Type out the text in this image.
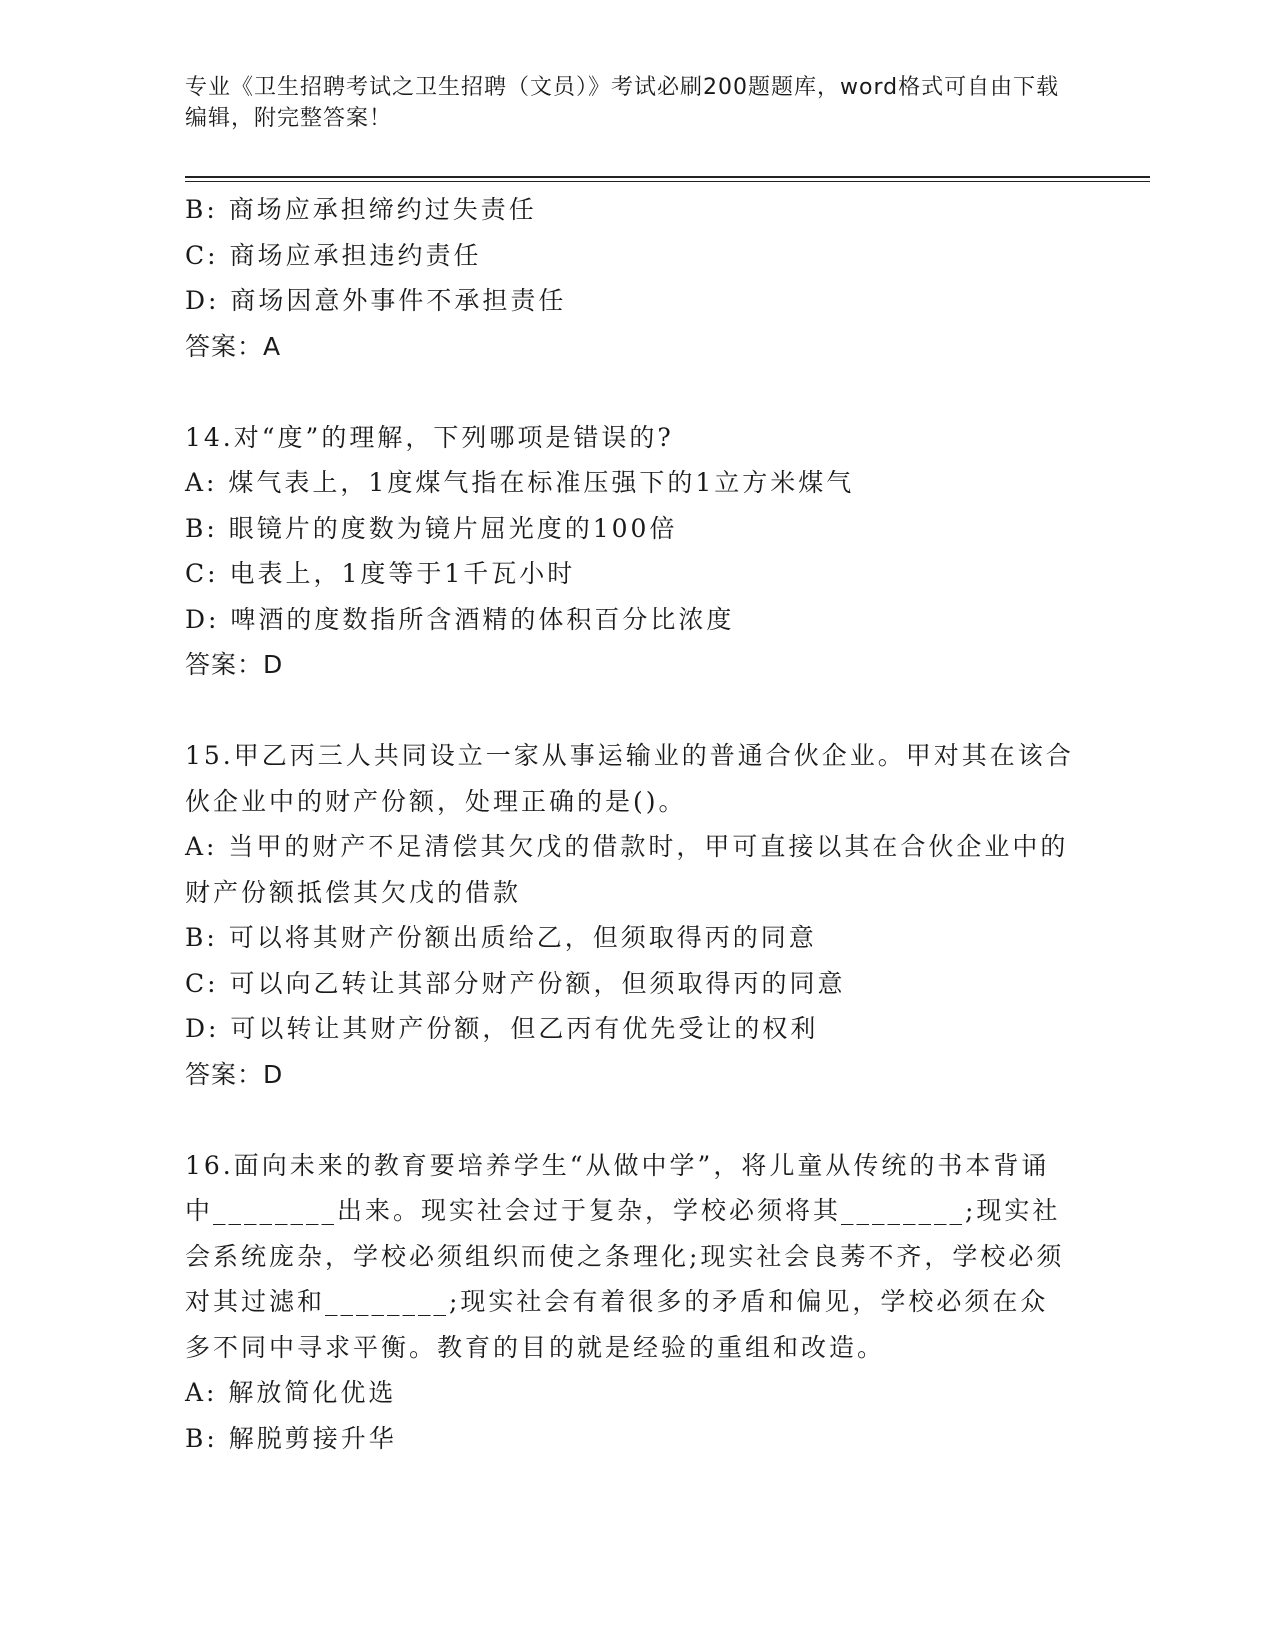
专业《卫生招聘考试之卫生招聘（文员）》考试必刷200题题库，word格式可自由下载编辑，附完整答案！

B: 商场应承担缔约过失责任

C: 商场应承担违约责任

D: 商场因意外事件不承担责任

答案：A

14.对“度”的理解，下列哪项是错误的?

A: 煤气表上，1度煤气指在标准压强下的1立方米煤气

B: 眼镜片的度数为镜片屈光度的100倍

C: 电表上，1度等于1千瓦小时

D: 啤酒的度数指所含酒精的体积百分比浓度

答案：D

15.甲乙丙三人共同设立一家从事运输业的普通合伙企业。甲对其在该合伙企业中的财产份额，处理正确的是()。

A: 当甲的财产不足清偿其欠戊的借款时，甲可直接以其在合伙企业中的财产份额抵偿其欠戊的借款

B: 可以将其财产份额出质给乙，但须取得丙的同意

C: 可以向乙转让其部分财产份额，但须取得丙的同意

D: 可以转让其财产份额，但乙丙有优先受让的权利

答案：D

16.面向未来的教育要培养学生“从做中学”，将儿童从传统的书本背诵中________出来。现实社会过于复杂，学校必须将其________;现实社会系统庞杂，学校必须组织而使之条理化;现实社会良莠不齐，学校必须对其过滤和________;现实社会有着很多的矛盾和偏见，学校必须在众多不同中寻求平衡。教育的目的就是经验的重组和改造。

A: 解放简化优选

B: 解脱剪接升华
